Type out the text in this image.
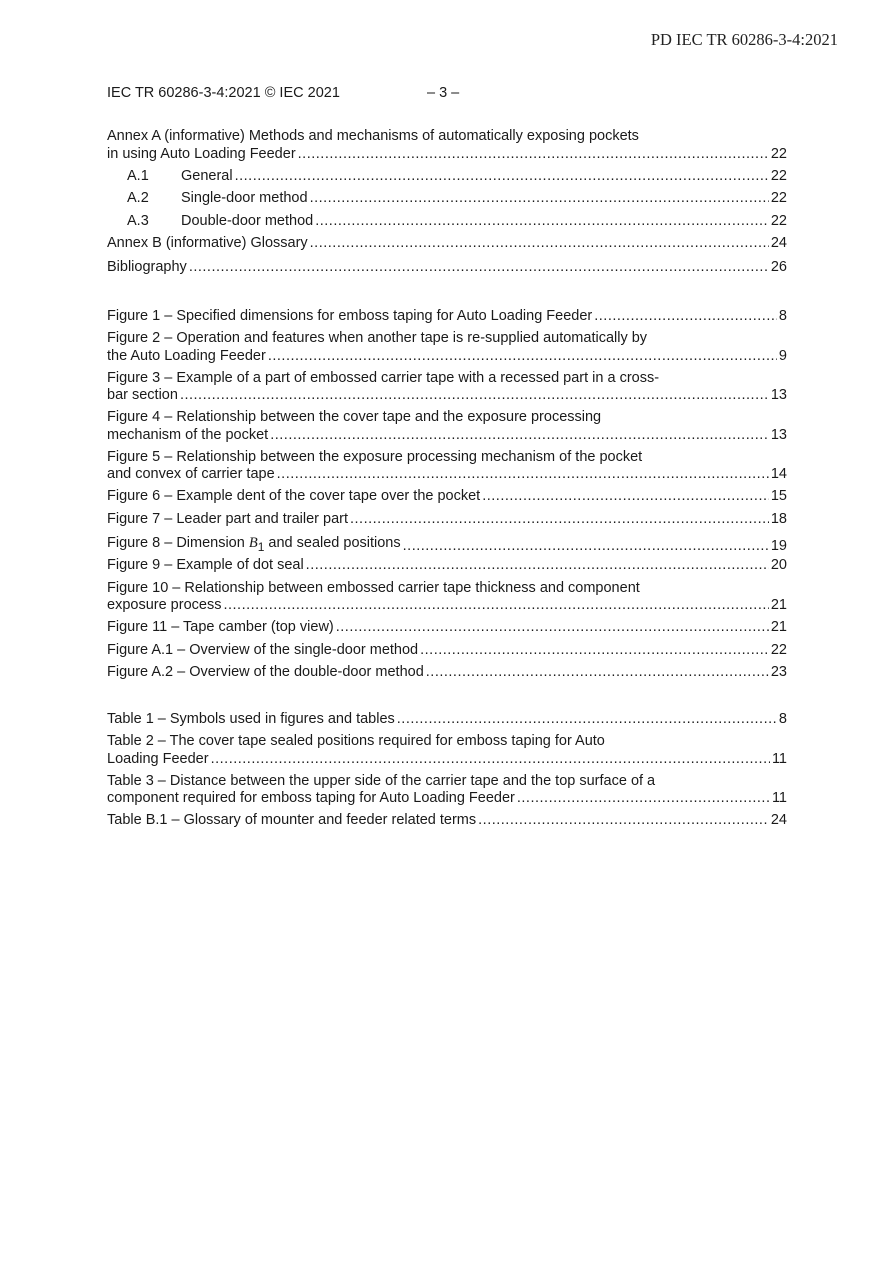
PD IEC TR 60286-3-4:2021
IEC TR 60286-3-4:2021 © IEC 2021	– 3 –
Annex A (informative) Methods and mechanisms of automatically exposing pockets
in using Auto Loading Feeder .....	22
A.1 General .....	22
A.2 Single-door method .....	22
A.3 Double-door method .....	22
Annex B (informative) Glossary .....	24
Bibliography .....	26
Figure 1 – Specified dimensions for emboss taping for Auto Loading Feeder .....	8
Figure 2 – Operation and features when another tape is re-supplied automatically by
the Auto Loading Feeder .....	9
Figure 3 – Example of a part of embossed carrier tape with a recessed part in a cross-
bar section .....	13
Figure 4 – Relationship between the cover tape and the exposure processing
mechanism of the pocket .....	13
Figure 5 – Relationship between the exposure processing mechanism of the pocket
and convex of carrier tape .....	14
Figure 6 – Example dent of the cover tape over the pocket .....	15
Figure 7 – Leader part and trailer part .....	18
Figure 8 – Dimension $B_1$ and sealed positions .....	19
Figure 9 – Example of dot seal .....	20
Figure 10 – Relationship between embossed carrier tape thickness and component
exposure process .....	21
Figure 11 – Tape camber (top view) .....	21
Figure A.1 – Overview of the single-door method .....	22
Figure A.2 – Overview of the double-door method .....	23
Table 1 – Symbols used in figures and tables .....	8
Table 2 – The cover tape sealed positions required for emboss taping for Auto
Loading Feeder .....	11
Table 3 – Distance between the upper side of the carrier tape and the top surface of a
component required for emboss taping for Auto Loading Feeder .....	11
Table B.1 – Glossary of mounter and feeder related terms .....	24
